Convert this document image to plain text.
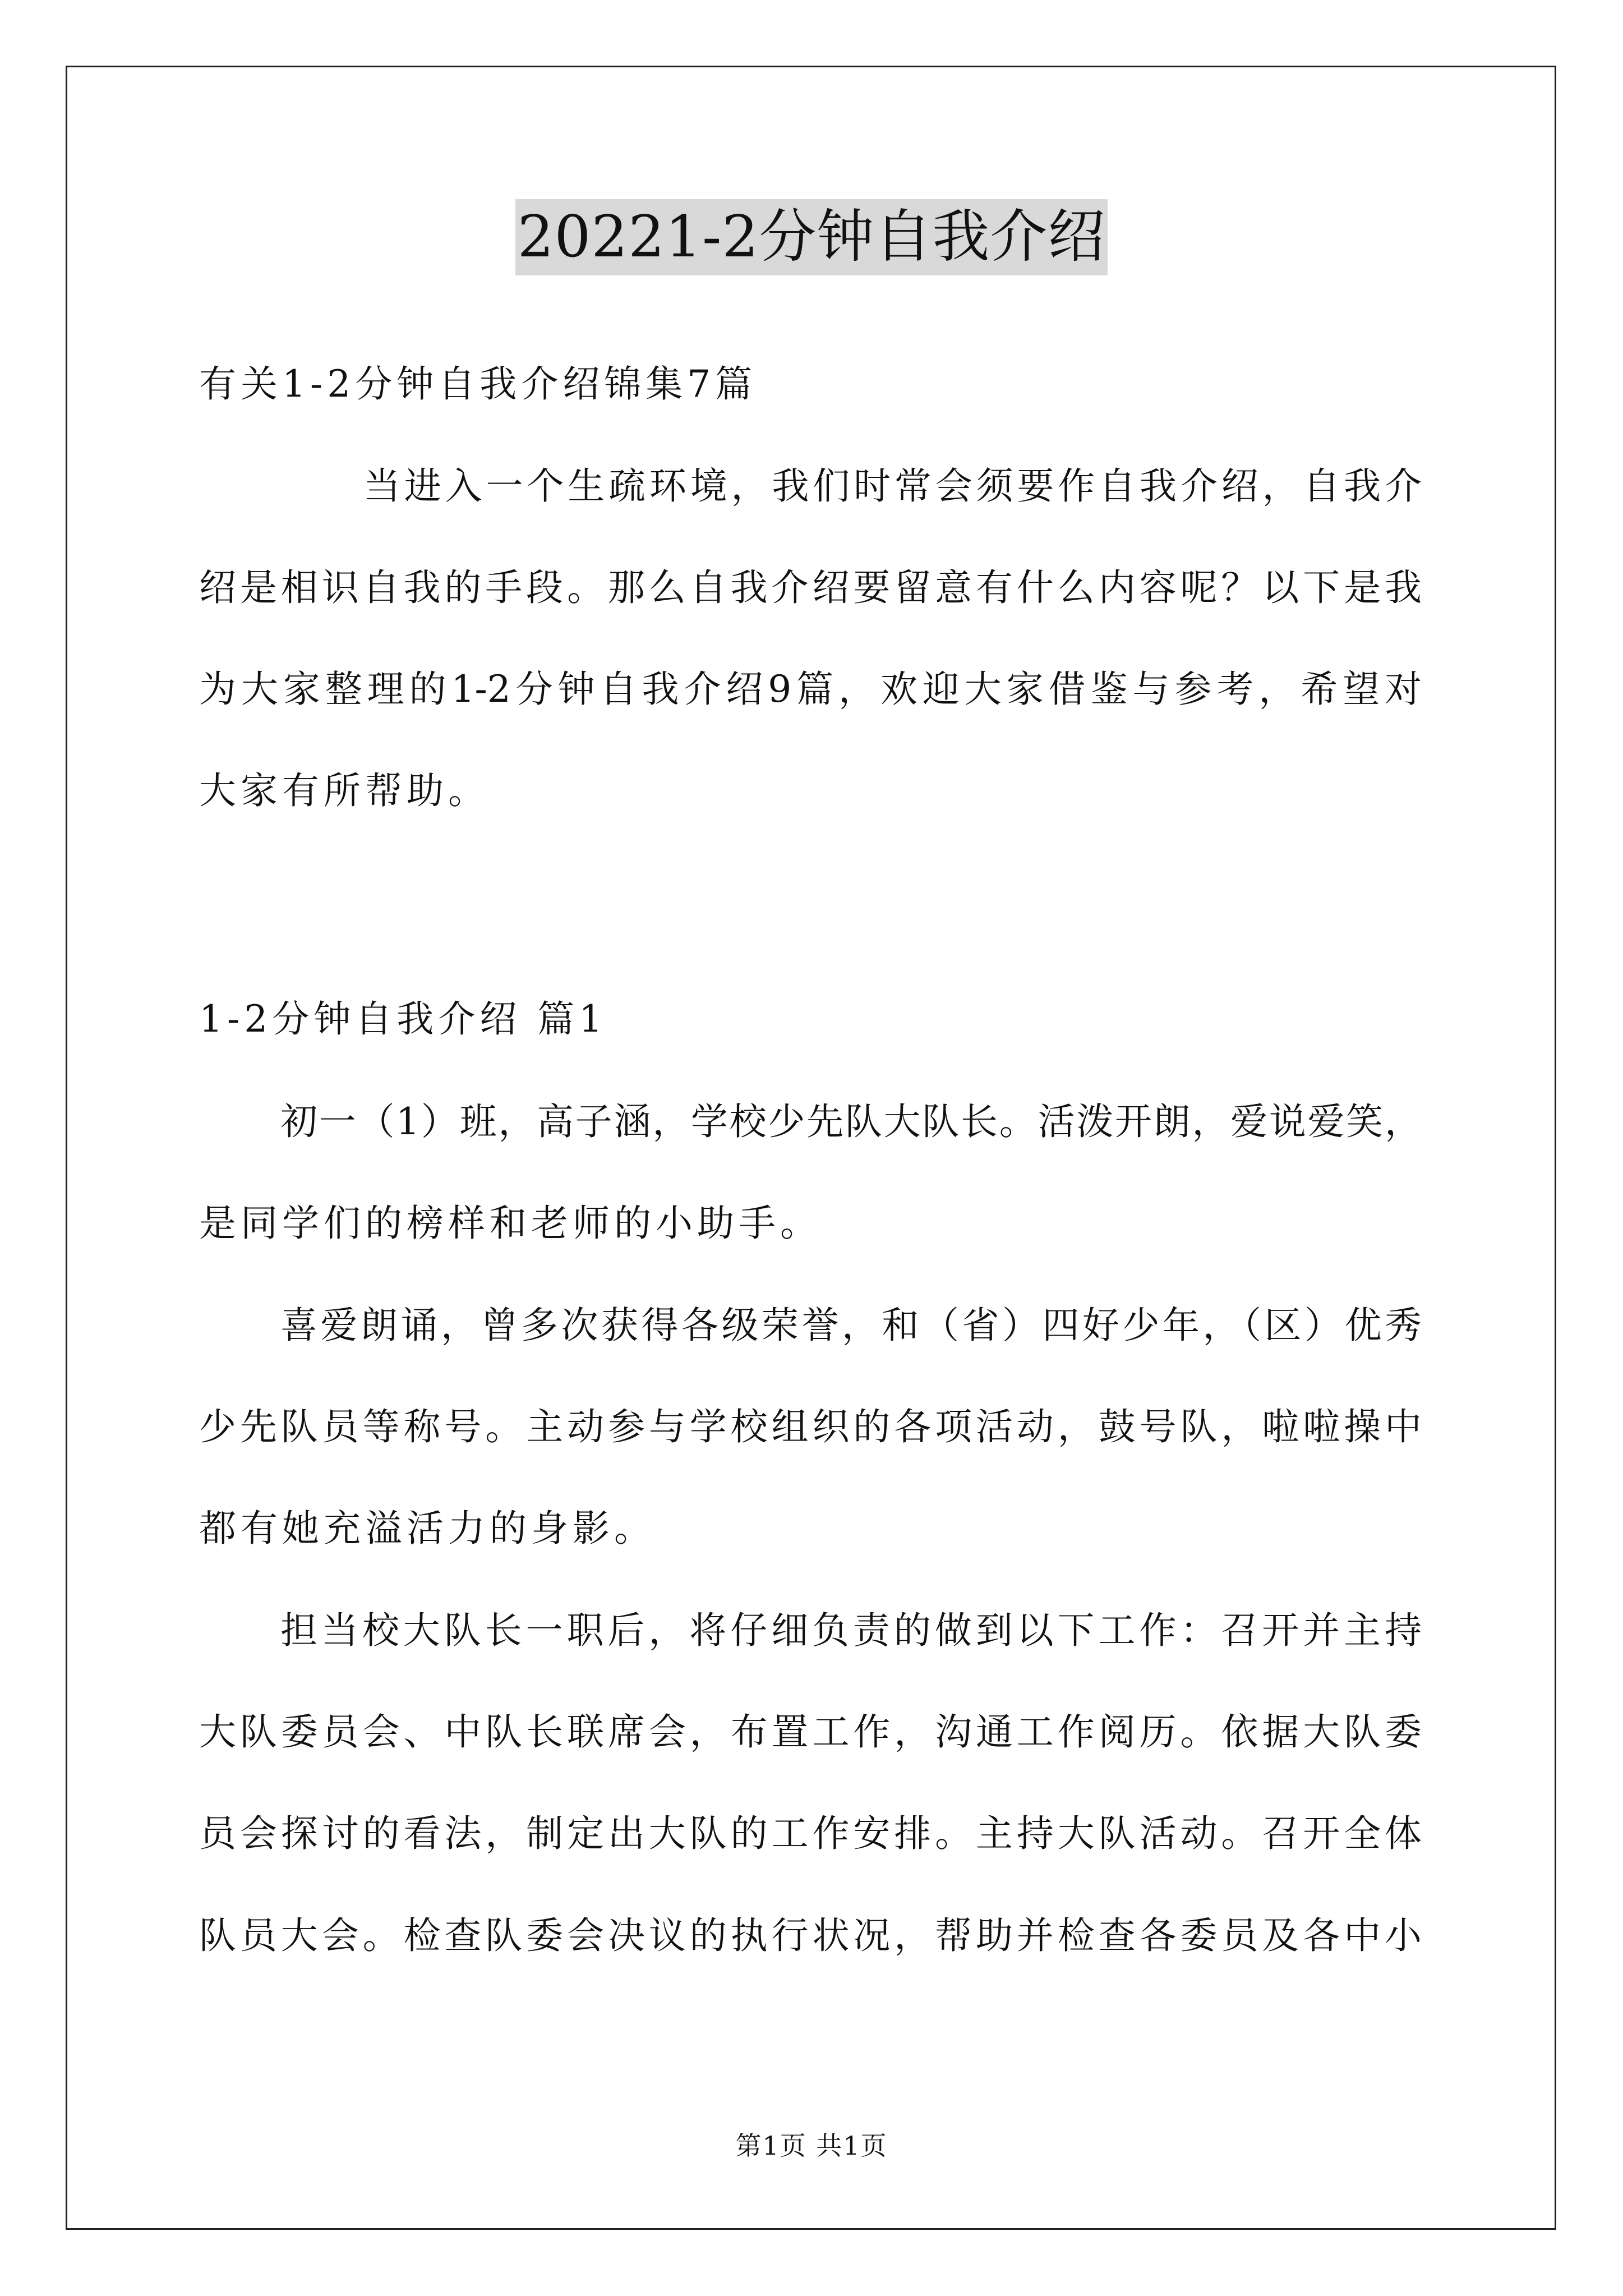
20221-2分钟自我介绍
有关1-2分钟自我介绍锦集7篇
当进入一个生疏环境，我们时常会须要作自我介绍，自我介
绍是相识自我的手段。那么自我介绍要留意有什么内容呢？以下是我
为大家整理的1-2分钟自我介绍9篇，欢迎大家借鉴与参考，希望对
大家有所帮助。
1-2分钟自我介绍 篇1
初一（1）班，高子涵，学校少先队大队长。活泼开朗，爱说爱笑，
是同学们的榜样和老师的小助手。
喜爱朗诵，曾多次获得各级荣誉，和（省）四好少年，（区）优秀
少先队员等称号。主动参与学校组织的各项活动，鼓号队，啦啦操中
都有她充溢活力的身影。
担当校大队长一职后，将仔细负责的做到以下工作：召开并主持
大队委员会、中队长联席会，布置工作，沟通工作阅历。依据大队委
员会探讨的看法，制定出大队的工作安排。主持大队活动。召开全体
队员大会。检查队委会决议的执行状况，帮助并检查各委员及各中小
第1页 共1页
